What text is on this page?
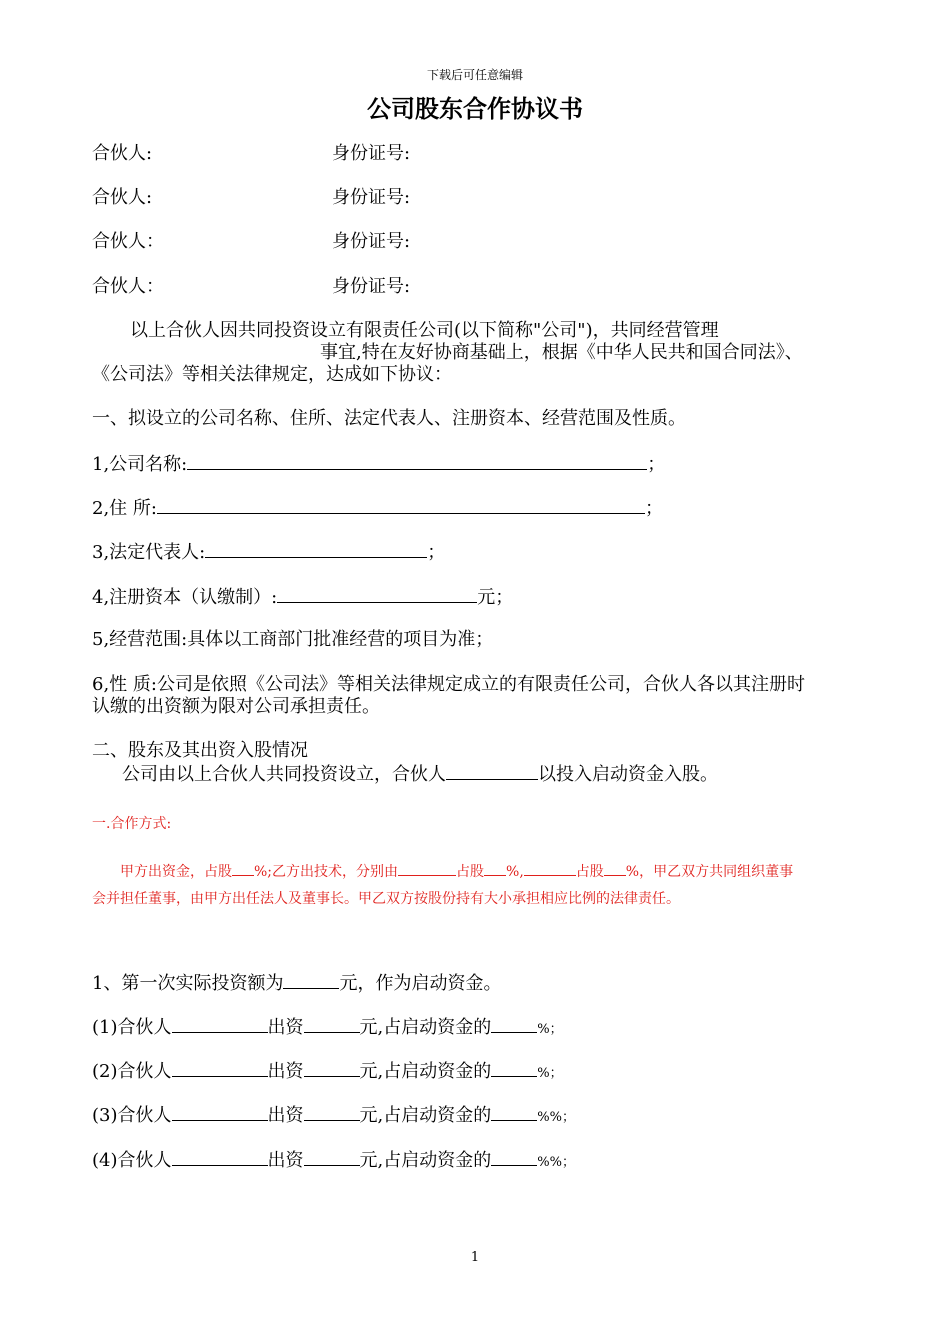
下载后可任意编辑
公司股东合作协议书
合伙人:	身份证号:
合伙人:	身份证号:
合伙人：	身份证号:
合伙人：	身份证号:
以上合伙人因共同投资设立有限责任公司(以下简称"公司")，共同经营管理
事宜,特在友好协商基础上，根据《中华人民共和国合同法》、
《公司法》等相关法律规定，达成如下协议：
一、拟设立的公司名称、住所、法定代表人、注册资本、经营范围及性质。
1,公司名称:	；
2,住 所:	；
3,法定代表人:	；
4,注册资本（认缴制）:	元；
5,经营范围:具体以工商部门批准经营的项目为准；
6,性 质:公司是依照《公司法》等相关法律规定成立的有限责任公司，合伙人各以其注册时
认缴的出资额为限对公司承担责任。
二、股东及其出资入股情况
公司由以上合伙人共同投资设立，合伙人	以投入启动资金入股。
一.合作方式:
甲方出资金，占股 %;乙方出技术，分别由	占股 %,	占股 %，甲乙双方共同组织董事
会并担任董事，由甲方出任法人及董事长。甲乙双方按股份持有大小承担相应比例的法律责任。
1、第一次实际投资额为	元，作为启动资金。
(1)合伙人	出资	元,占启动资金的	%；
(2)合伙人	出资	元,占启动资金的	%；
(3)合伙人	出资	元,占启动资金的	%%；
(4)合伙人	出资	元,占启动资金的	%%；
1
